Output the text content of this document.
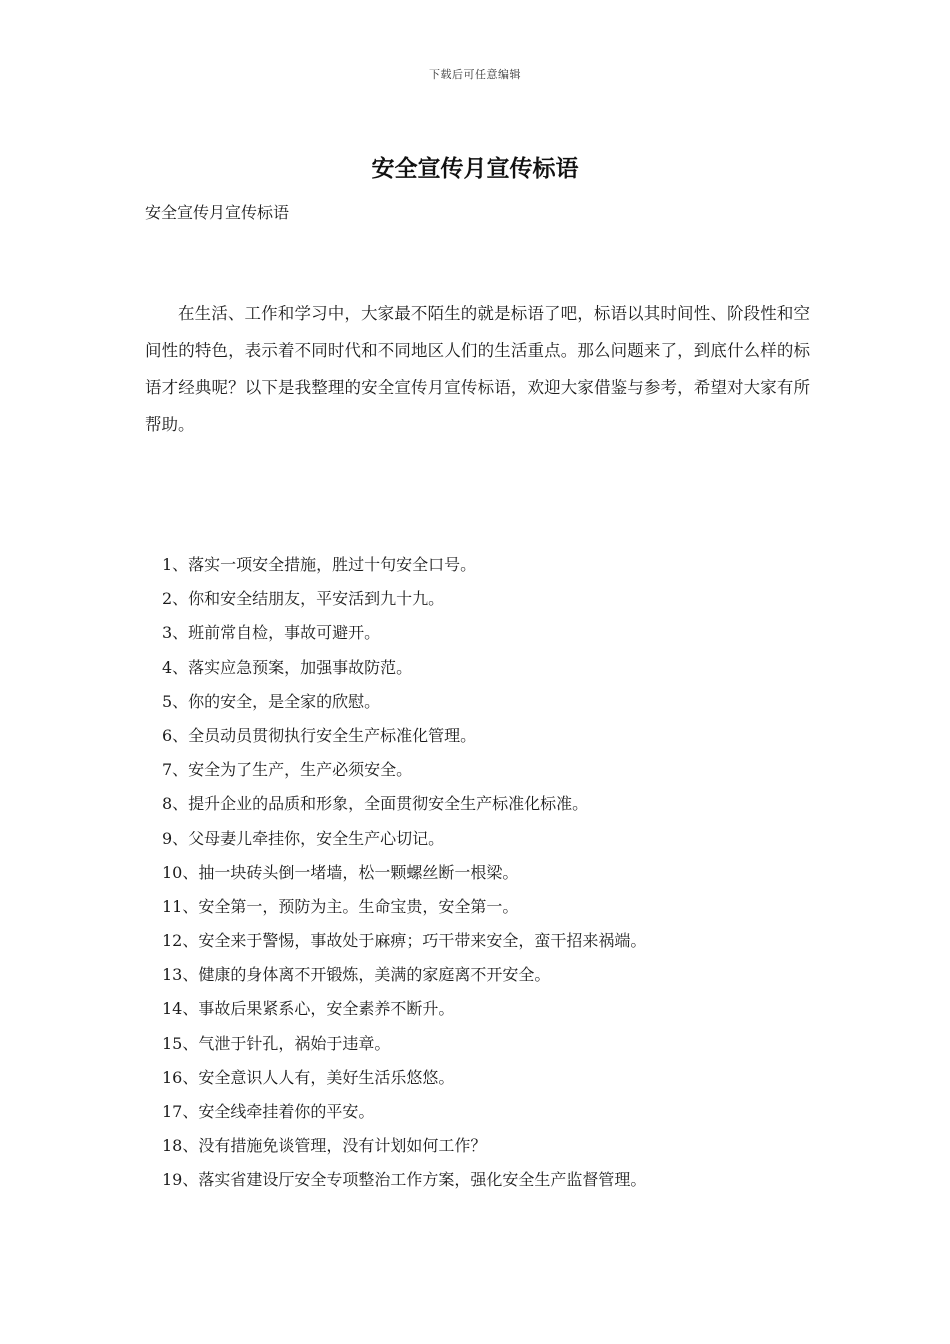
下载后可任意编辑
安全宣传月宣传标语
安全宣传月宣传标语

在生活、工作和学习中，大家最不陌生的就是标语了吧，标语以其时间性、阶段性和空间性的特色，表示着不同时代和不同地区人们的生活重点。那么问题来了，到底什么样的标语才经典呢？以下是我整理的安全宣传月宣传标语，欢迎大家借鉴与参考，希望对大家有所帮助。

1、落实一项安全措施，胜过十句安全口号。
2、你和安全结朋友，平安活到九十九。
3、班前常自检，事故可避开。
4、落实应急预案，加强事故防范。
5、你的安全，是全家的欣慰。
6、全员动员贯彻执行安全生产标准化管理。
7、安全为了生产，生产必须安全。
8、提升企业的品质和形象，全面贯彻安全生产标准化标准。
9、父母妻儿牵挂你，安全生产心切记。
10、抽一块砖头倒一堵墙，松一颗螺丝断一根梁。
11、安全第一，预防为主。生命宝贵，安全第一。
12、安全来于警惕，事故处于麻痹；巧干带来安全，蛮干招来祸端。
13、健康的身体离不开锻炼，美满的家庭离不开安全。
14、事故后果紧系心，安全素养不断升。
15、气泄于针孔，祸始于违章。
16、安全意识人人有，美好生活乐悠悠。
17、安全线牵挂着你的平安。
18、没有措施免谈管理，没有计划如何工作？
19、落实省建设厅安全专项整治工作方案，强化安全生产监督管理。
